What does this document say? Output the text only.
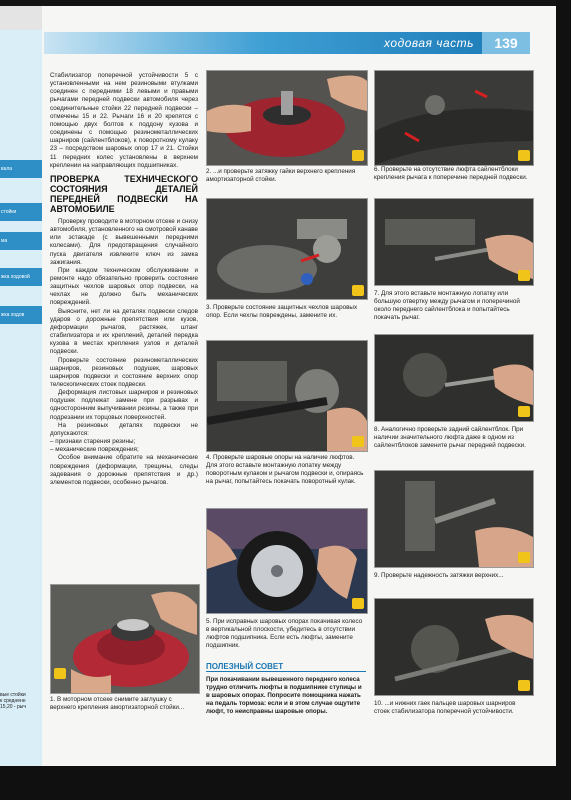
вала
стойки
ма
жка ходовой
жка ходов
вые стойки
к средненн
15,20 - рыч
ходовая часть	139

Стабилизатор поперечной устойчивости 5 с установленными на нем резиновыми втулками соединен с передними 18 левыми и правыми рычагами передней подвески автомобиля через соединительные стойки 22 передней подвески – отмечены 15 и 22. Рычаги 16 и 20 крепятся с помощью двух болтов к поддону кузова и соединены с помощью резинометаллических шарниров (сайлентблоков), к поворотному кулаку 23 – посредством шаровых опор 17 и 21. Стойки 11 передних колес установлены в верхнем креплении на направляющих подшипниках.

ПРОВЕРКА ТЕХНИЧЕСКОГО СОСТОЯНИЯ ДЕТАЛЕЙ ПЕРЕДНЕЙ ПОДВЕСКИ НА АВТОМОБИЛЕ

Проверку проводите в моторном отсеке и снизу автомобиля, установленного на смотровой канаве или эстакаде (с вывешенными передними колесами). Для предотвращения случайного пуска двигателя извлеките ключ из замка зажигания.

При каждом техническом обслуживании и ремонте надо обязательно проверить состояние защитных чехлов шаровых опор подвески, на чехлах не должно быть механических повреждений.

Выясните, нет ли на деталях подвески следов ударов о дорожные препятствия или кузов, деформации рычагов, растяжек, штанг стабилизатора и их креплений, деталей передка кузова в местах крепления узлов и деталей подвески.

Проверьте состояние резинометаллических шарниров, резиновых подушек, шаровых шарниров подвески и состояние верхних опор телескопических стоек подвески.

Деформация листовых шарниров и резиновых подушек подлежат замене при разрывах и односторонним выпучивании резины, а также при подрезании их торцовых поверхностей.

На резиновых деталях подвески не допускаются:

– признаки старения резины;

– механические повреждения;

Особое внимание обратите на механические повреждения (деформации, трещины, следы задевания о дорожные препятствия и др.) элементов подвески, особенно рычагов.

1. В моторном отсеке снимите заглушку с верхнего крепления амортизаторной стойки...
2. ...и проверьте затяжку гайки верхнего крепления амортизаторной стойки.
3. Проверьте состояние защитных чехлов шаровых опор. Если чехлы повреждены, замените их.
4. Проверьте шаровые опоры на наличие люфтов. Для этого вставьте монтажную лопатку между поворотным кулаком и рычагом подвески и, опираясь на рычаг, попытайтесь покачать поворотный кулак.
5. При исправных шаровых опорах покачивая колесо в вертикальной плоскости, убедитесь в отсутствии люфтов подшипника. Если есть люфты, замените подшипник.
ПОЛЕЗНЫЙ СОВЕТ
При покачивании вывешенного переднего колеса трудно отличить люфты в подшипнике ступицы и в шаровых опорах. Попросите помощника нажать на педаль тормоза: если и в этом случае ощутите люфт, то неисправны шаровые опоры.
6. Проверьте на отсутствие люфта сайлентблоки крепления рычага к поперечине передней подвески.
7. Для этого вставьте монтажную лопатку или большую отвертку между рычагом и поперечиной около переднего сайлентблока и попытайтесь покачать рычаг.
8. Аналогично проверьте задний сайлентблок. При наличии значительного люфта даже в одном из сайлентблоков замените рычаг передней подвески.
9. Проверьте надежность затяжки верхних...
10. ...и нижних гаек пальцев шаровых шарниров стоек стабилизатора поперечной устойчивости.
